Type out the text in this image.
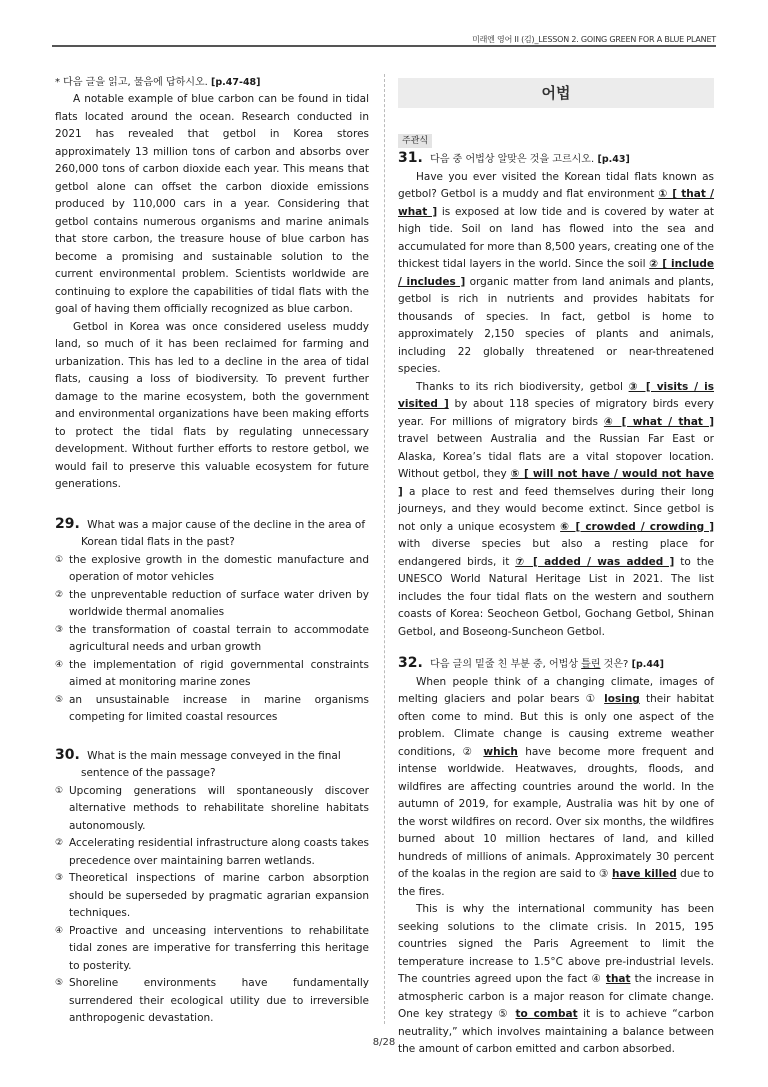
미래엔 영어 II (김)_LESSON 2. GOING GREEN FOR A BLUE PLANET

* 다음 글을 읽고, 물음에 답하시오. [p.47-48]

A notable example of blue carbon can be found in tidal flats located around the ocean. Research conducted in 2021 has revealed that getbol in Korea stores approximately 13 million tons of carbon and absorbs over 260,000 tons of carbon dioxide each year. This means that getbol alone can offset the carbon dioxide emissions produced by 110,000 cars in a year. Considering that getbol contains numerous organisms and marine animals that store carbon, the treasure house of blue carbon has become a promising and sustainable solution to the current environmental problem. Scientists worldwide are continuing to explore the capabilities of tidal flats with the goal of having them officially recognized as blue carbon.

Getbol in Korea was once considered useless muddy land, so much of it has been reclaimed for farming and urbanization. This has led to a decline in the area of tidal flats, causing a loss of biodiversity. To prevent further damage to the marine ecosystem, both the government and environmental organizations have been making efforts to protect the tidal flats by regulating unnecessary development. Without further efforts to restore getbol, we would fail to preserve this valuable ecosystem for future generations.

29. What was a major cause of the decline in the area of
Korean tidal flats in the past?
① the explosive growth in the domestic manufacture and operation of motor vehicles
② the unpreventable reduction of surface water driven by worldwide thermal anomalies
③ the transformation of coastal terrain to accommodate agricultural needs and urban growth
④ the implementation of rigid governmental constraints aimed at monitoring marine zones
⑤ an unsustainable increase in marine organisms competing for limited coastal resources
30. What is the main message conveyed in the final
sentence of the passage?
① Upcoming generations will spontaneously discover alternative methods to rehabilitate shoreline habitats autonomously.
② Accelerating residential infrastructure along coasts takes precedence over maintaining barren wetlands.
③ Theoretical inspections of marine carbon absorption should be superseded by pragmatic agrarian expansion techniques.
④ Proactive and unceasing interventions to rehabilitate tidal zones are imperative for transferring this heritage to posterity.
⑤ Shoreline environments have fundamentally surrendered their ecological utility due to irreversible anthropogenic devastation.
어법
주관식
31. 다음 중 어법상 알맞은 것을 고르시오. [p.43]

Have you ever visited the Korean tidal flats known as getbol? Getbol is a muddy and flat environment ① [ that / what ] is exposed at low tide and is covered by water at high tide. Soil on land has flowed into the sea and accumulated for more than 8,500 years, creating one of the thickest tidal layers in the world. Since the soil ② [ include / includes ] organic matter from land animals and plants, getbol is rich in nutrients and provides habitats for thousands of species. In fact, getbol is home to approximately 2,150 species of plants and animals, including 22 globally threatened or near-threatened species.

Thanks to its rich biodiversity, getbol ③ [ visits / is visited ] by about 118 species of migratory birds every year. For millions of migratory birds ④ [ what / that ] travel between Australia and the Russian Far East or Alaska, Korea’s tidal flats are a vital stopover location. Without getbol, they ⑤ [ will not have / would not have ] a place to rest and feed themselves during their long journeys, and they would become extinct. Since getbol is not only a unique ecosystem ⑥ [ crowded / crowding ] with diverse species but also a resting place for endangered birds, it ⑦ [ added / was added ] to the UNESCO World Natural Heritage List in 2021. The list includes the four tidal flats on the western and southern coasts of Korea: Seocheon Getbol, Gochang Getbol, Shinan Getbol, and Boseong-Suncheon Getbol.

32. 다음 글의 밑줄 친 부분 중, 어법상 틀린 것은? [p.44]

When people think of a changing climate, images of melting glaciers and polar bears ① losing their habitat often come to mind. But this is only one aspect of the problem. Climate change is causing extreme weather conditions, ② which have become more frequent and intense worldwide. Heatwaves, droughts, floods, and wildfires are affecting countries around the world. In the autumn of 2019, for example, Australia was hit by one of the worst wildfires on record. Over six months, the wildfires burned about 10 million hectares of land, and killed hundreds of millions of animals. Approximately 30 percent of the koalas in the region are said to ③ have killed due to the fires.

This is why the international community has been seeking solutions to the climate crisis. In 2015, 195 countries signed the Paris Agreement to limit the temperature increase to 1.5°C above pre-industrial levels. The countries agreed upon the fact ④ that the increase in atmospheric carbon is a major reason for climate change. One key strategy ⑤ to combat it is to achieve “carbon neutrality,” which involves maintaining a balance between the amount of carbon emitted and carbon absorbed.

8/28
